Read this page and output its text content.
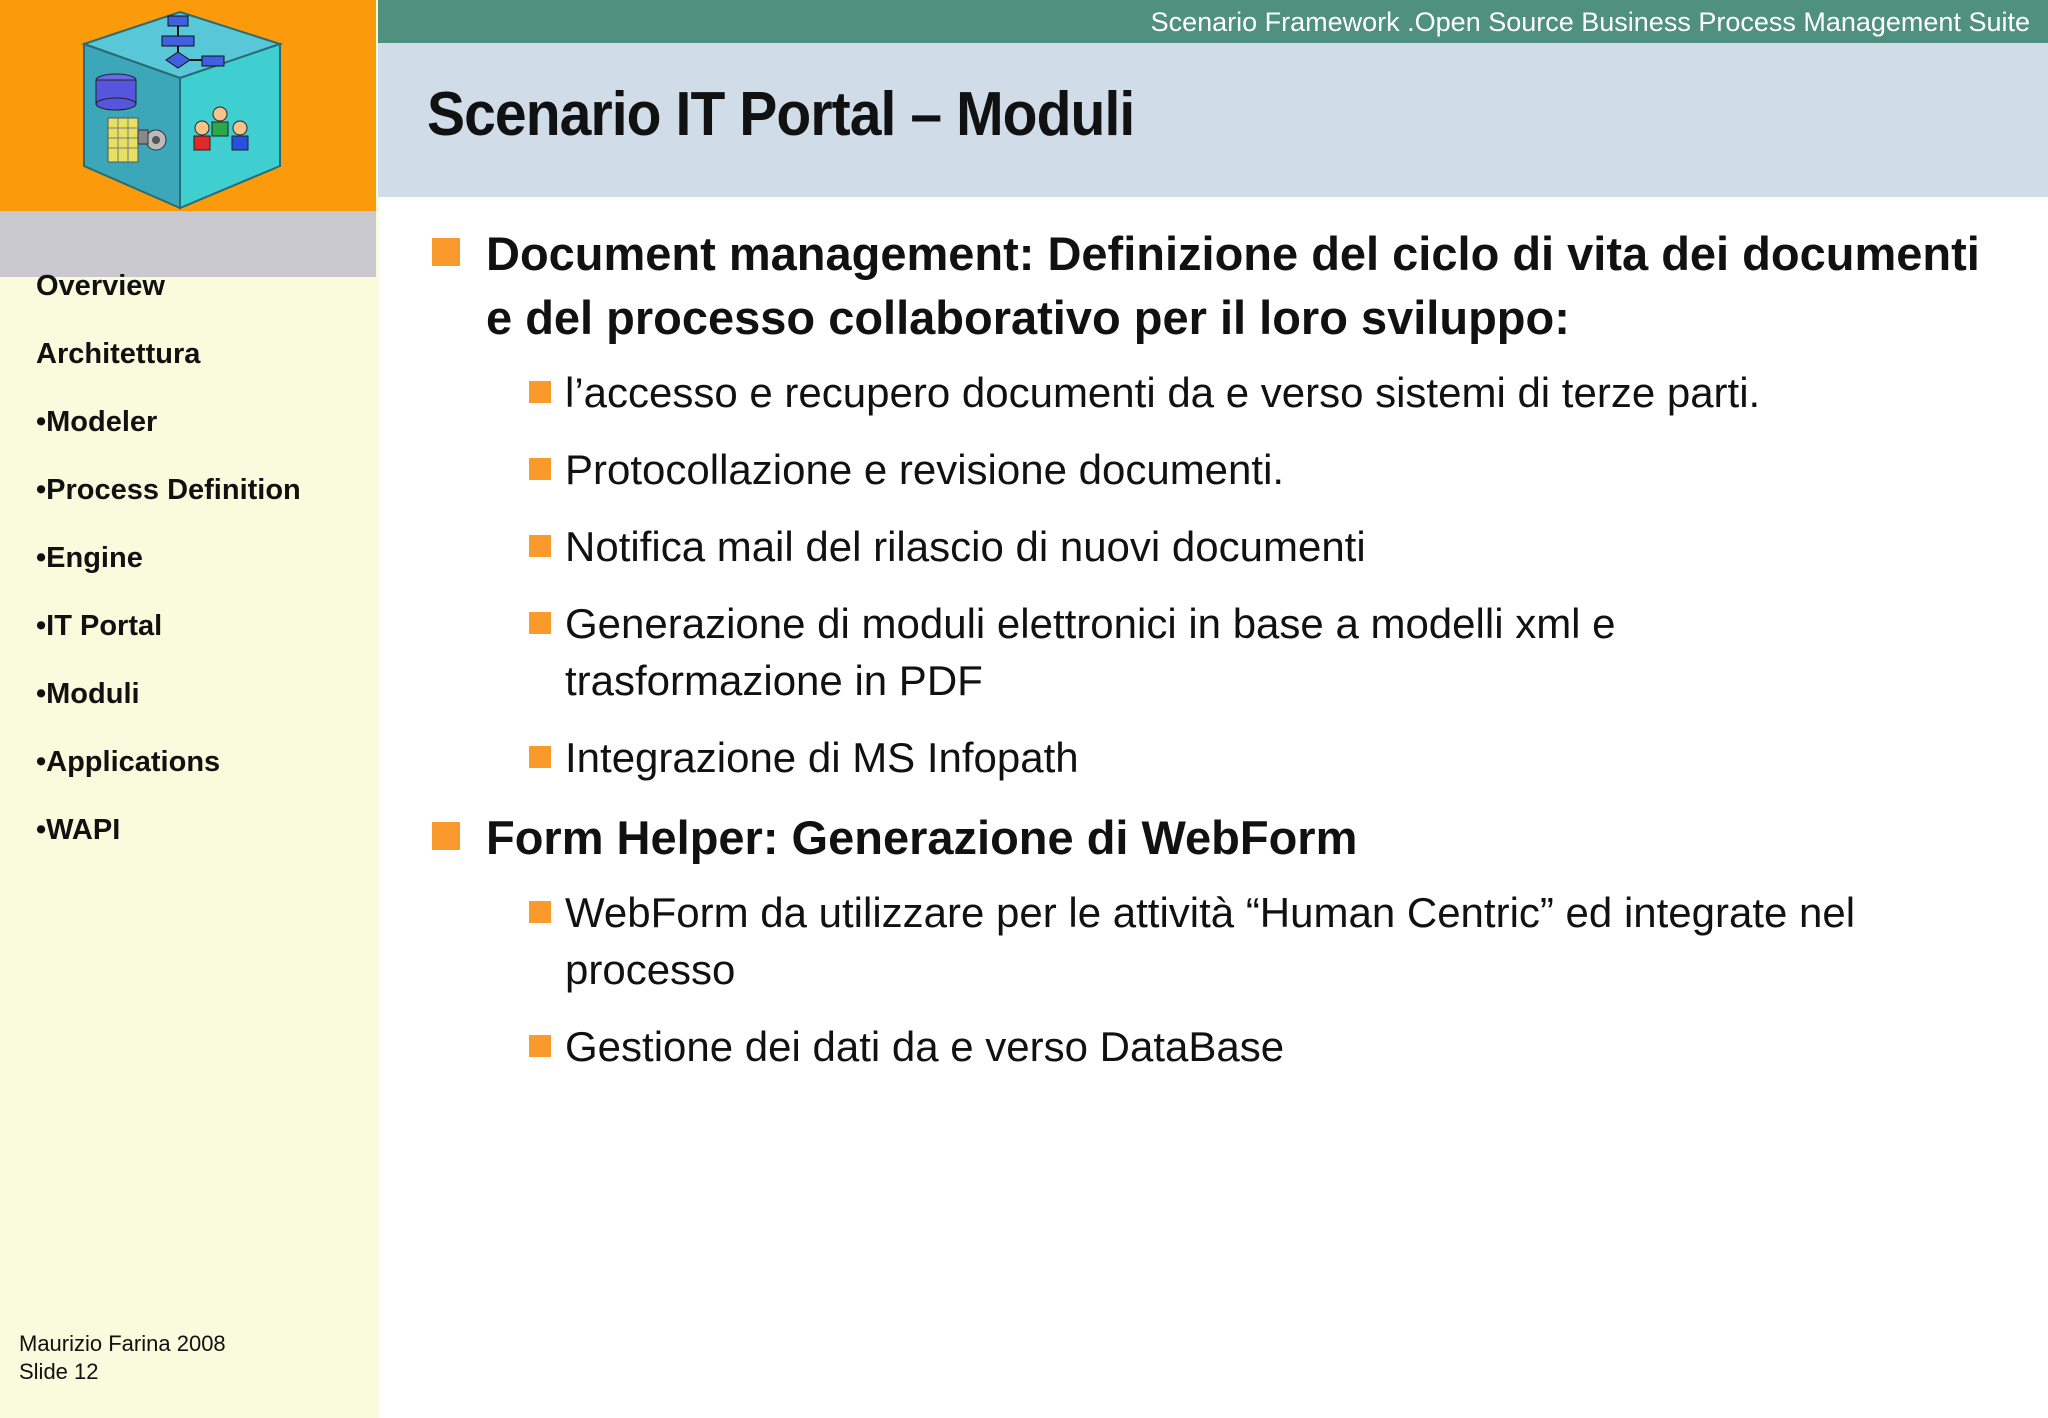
Overview
Architettura
•Modeler
•Process Definition
•Engine
•IT Portal
•Moduli
•Applications
•WAPI
Maurizio Farina 2008
Slide 12
Scenario Framework .Open Source Business Process Management Suite
Scenario IT Portal – Moduli
Document management: Definizione del ciclo di vita dei documenti e del processo collaborativo per il loro sviluppo:
l’accesso e recupero documenti da e verso sistemi di terze parti.
Protocollazione e revisione documenti.
Notifica mail del rilascio di nuovi documenti
Generazione di moduli elettronici in base a modelli xml e trasformazione in PDF
Integrazione di MS Infopath
Form Helper: Generazione di WebForm
WebForm da utilizzare per le attività “Human Centric” ed integrate nel processo
Gestione dei dati da e verso DataBase
